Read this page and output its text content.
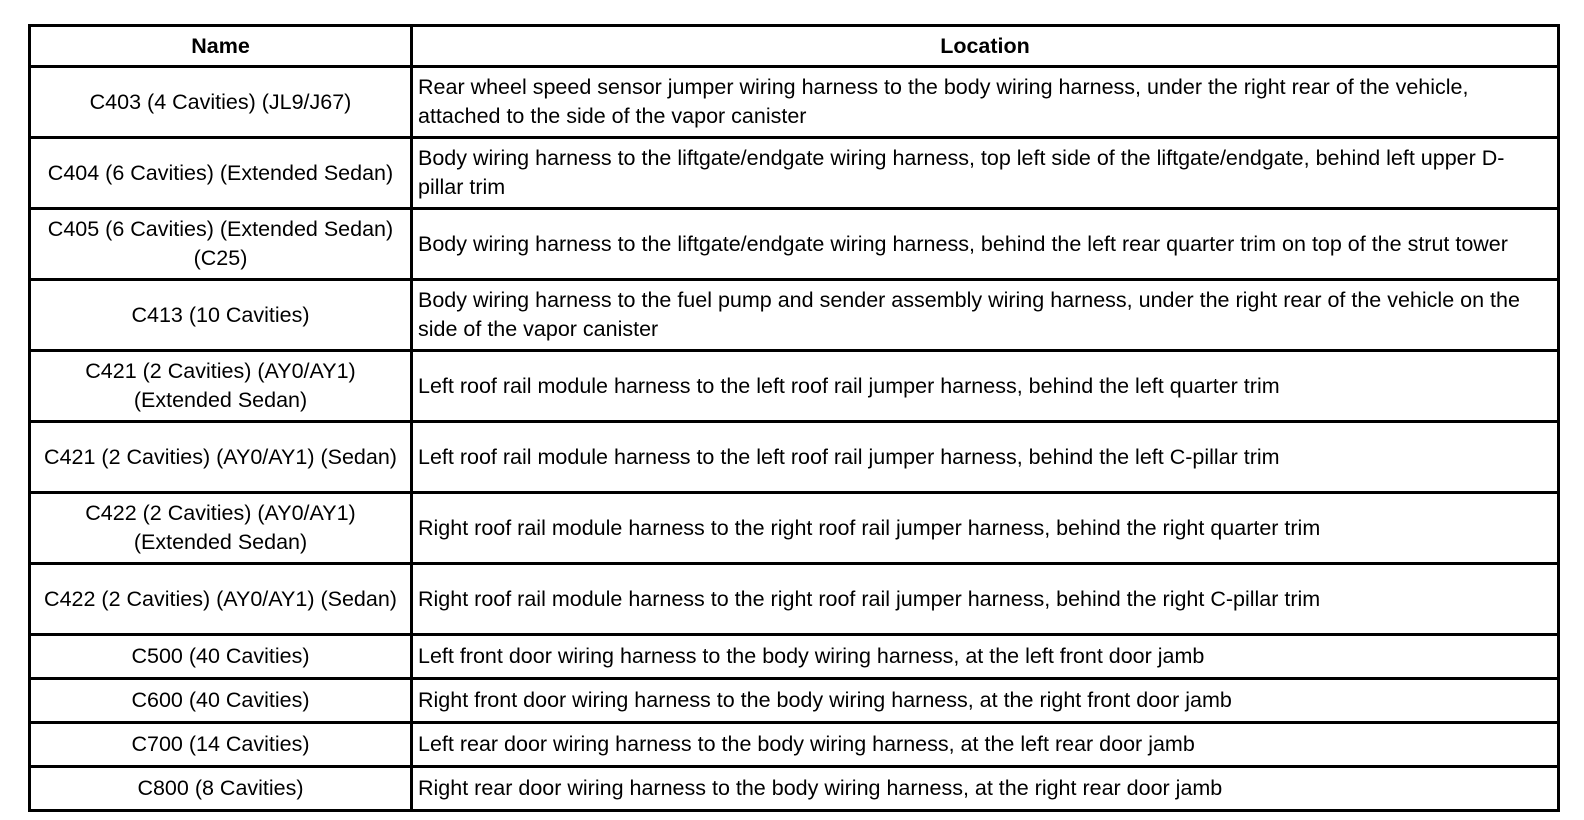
Name	Location
C403 (4 Cavities) (JL9/J67)	Rear wheel speed sensor jumper wiring harness to the body wiring harness, under the right rear of the vehicle, attached to the side of the vapor canister
C404 (6 Cavities) (Extended Sedan)	Body wiring harness to the liftgate/endgate wiring harness, top left side of the liftgate/endgate, behind left upper D-pillar trim
C405 (6 Cavities) (Extended Sedan) (C25)	Body wiring harness to the liftgate/endgate wiring harness, behind the left rear quarter trim on top of the strut tower
C413 (10 Cavities)	Body wiring harness to the fuel pump and sender assembly wiring harness, under the right rear of the vehicle on the side of the vapor canister
C421 (2 Cavities) (AY0/AY1) (Extended Sedan)	Left roof rail module harness to the left roof rail jumper harness, behind the left quarter trim
C421 (2 Cavities) (AY0/AY1) (Sedan)	Left roof rail module harness to the left roof rail jumper harness, behind the left C-pillar trim
C422 (2 Cavities) (AY0/AY1) (Extended Sedan)	Right roof rail module harness to the right roof rail jumper harness, behind the right quarter trim
C422 (2 Cavities) (AY0/AY1) (Sedan)	Right roof rail module harness to the right roof rail jumper harness, behind the right C-pillar trim
C500 (40 Cavities)	Left front door wiring harness to the body wiring harness, at the left front door jamb
C600 (40 Cavities)	Right front door wiring harness to the body wiring harness, at the right front door jamb
C700 (14 Cavities)	Left rear door wiring harness to the body wiring harness, at the left rear door jamb
C800 (8 Cavities)	Right rear door wiring harness to the body wiring harness, at the right rear door jamb
